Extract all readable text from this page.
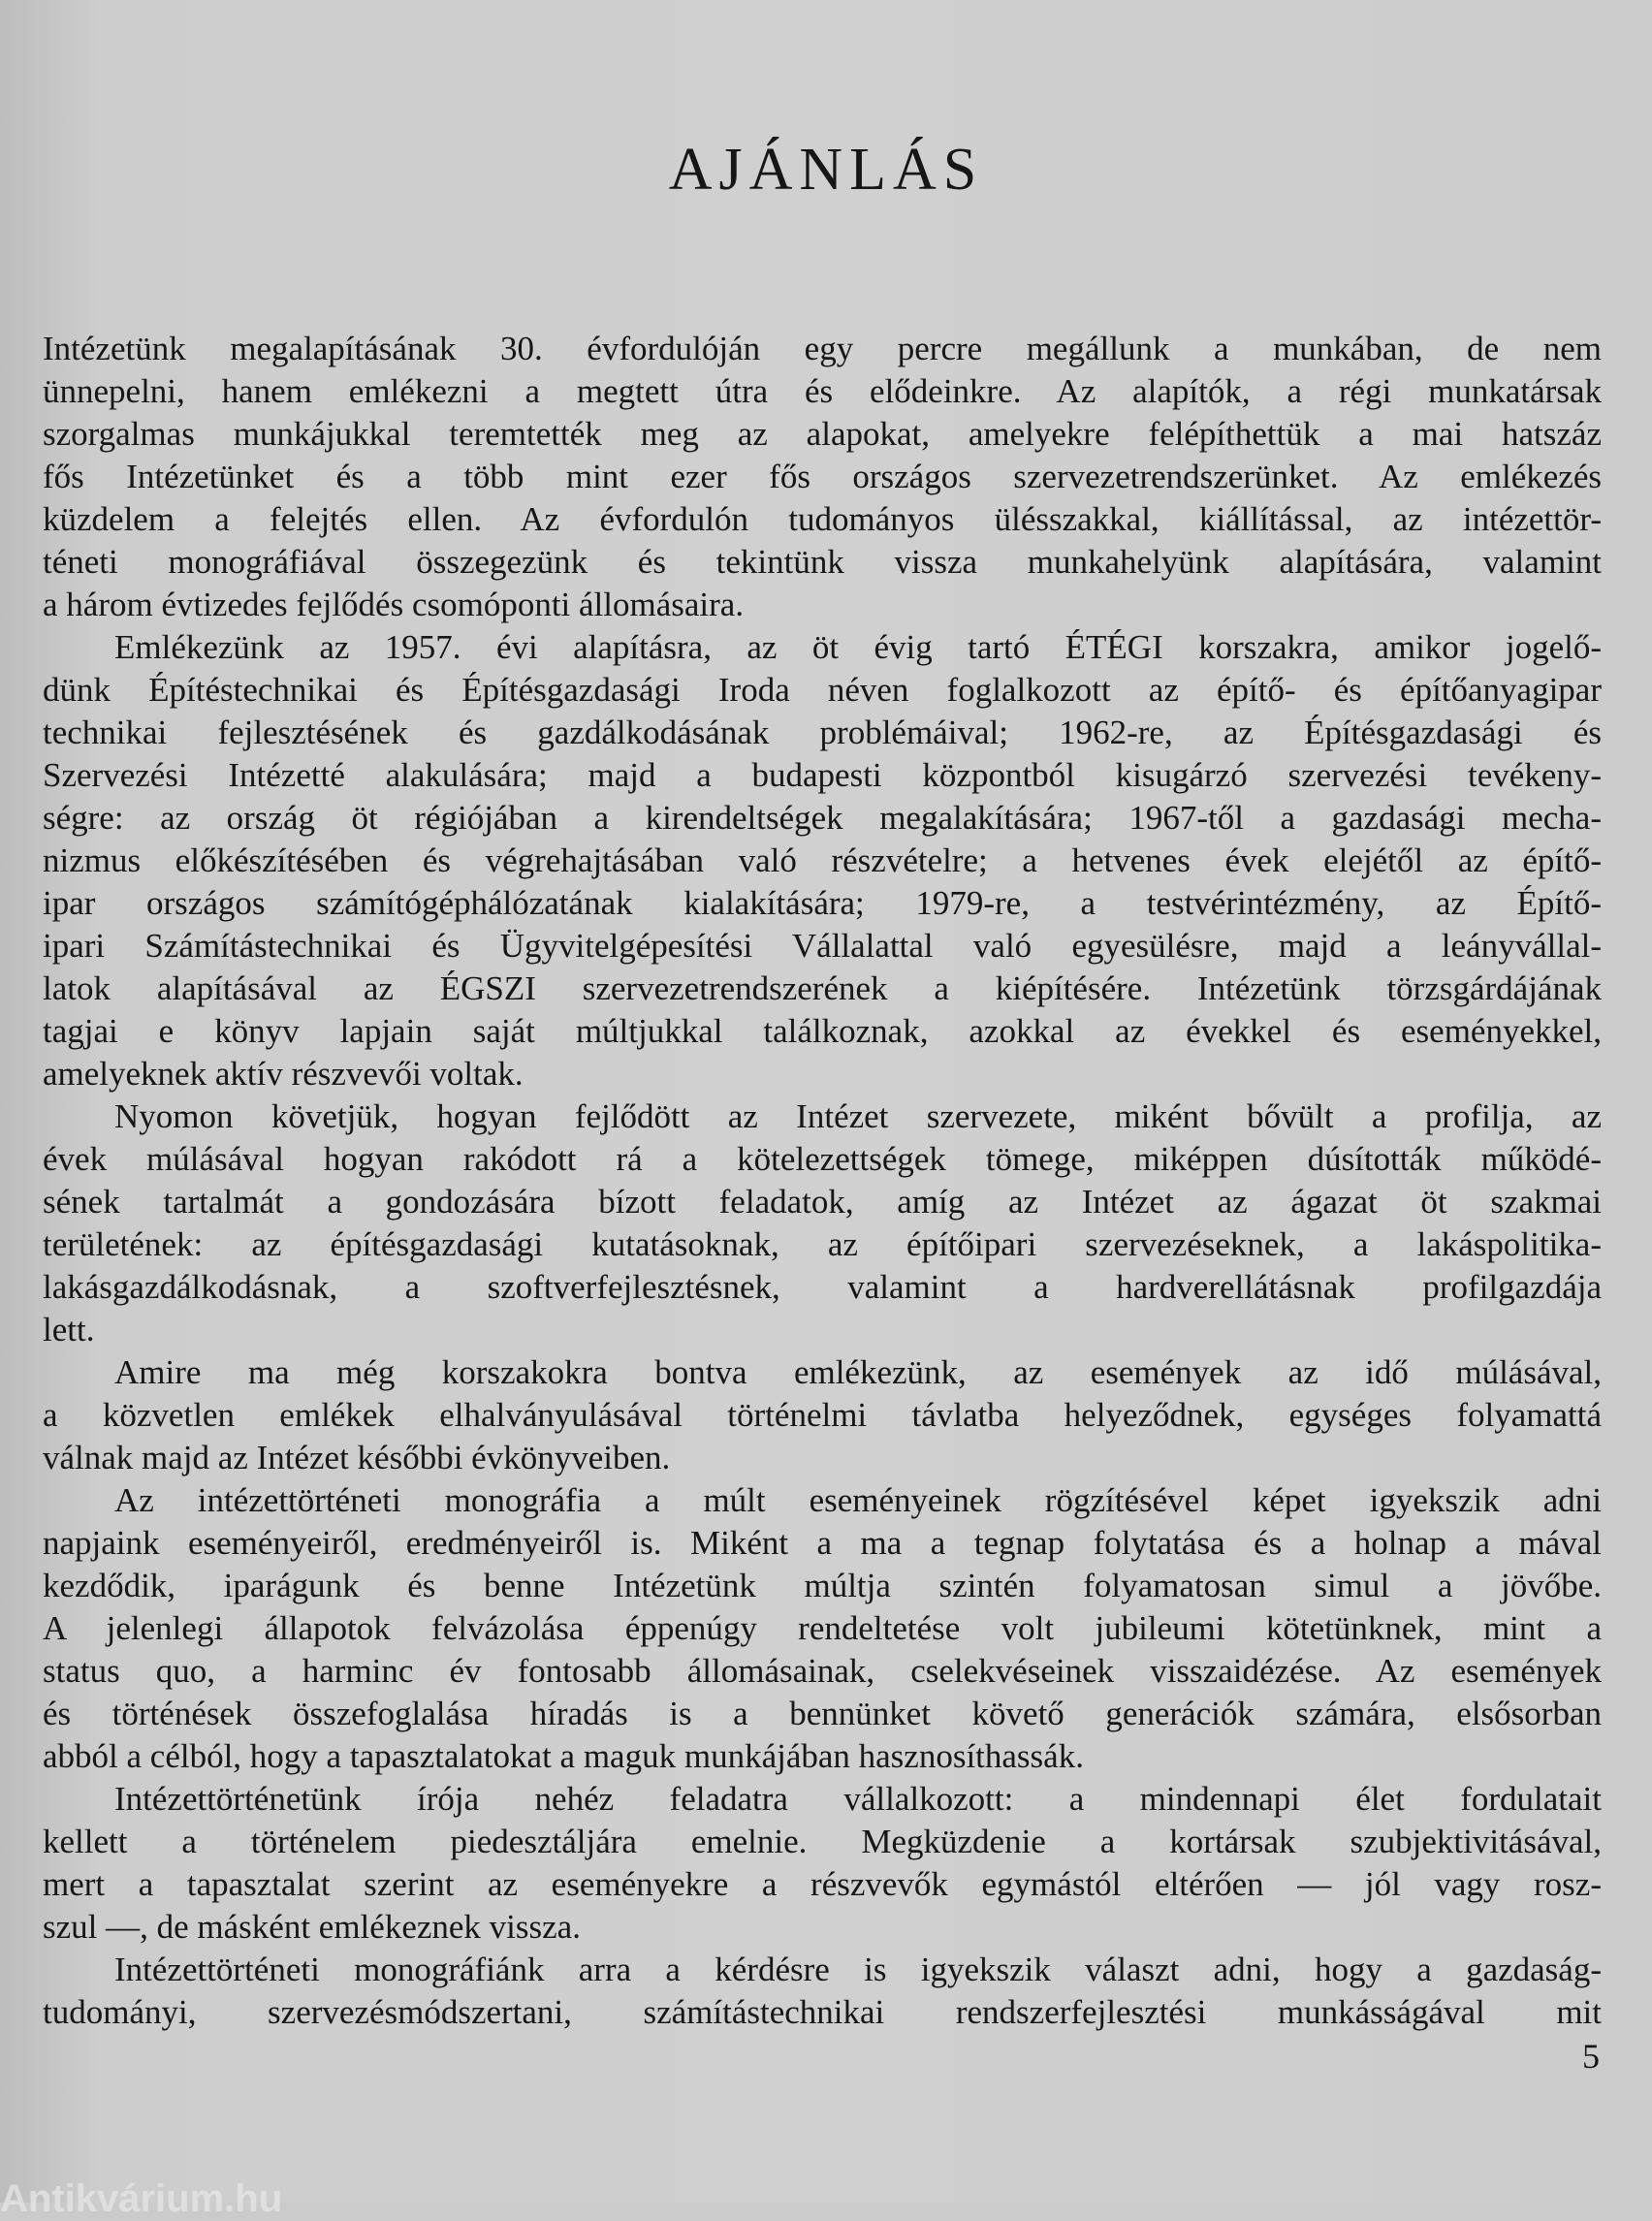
AJÁNLÁS
Intézetünk megalapításának 30. évfordulóján egy percre megállunk a munkában, de nem
ünnepelni, hanem emlékezni a megtett útra és elődeinkre. Az alapítók, a régi munkatársak
szorgalmas munkájukkal teremtették meg az alapokat, amelyekre felépíthettük a mai hatszáz
fős Intézetünket és a több mint ezer fős országos szervezetrendszerünket. Az emlékezés
küzdelem a felejtés ellen. Az évfordulón tudományos ülésszakkal, kiállítással, az intézettör-
téneti monográfiával összegezünk és tekintünk vissza munkahelyünk alapítására, valamint
a három évtizedes fejlődés csomóponti állomásaira.
Emlékezünk az 1957. évi alapításra, az öt évig tartó ÉTÉGI korszakra, amikor jogelő-
dünk Építéstechnikai és Építésgazdasági Iroda néven foglalkozott az építő- és építőanyagipar
technikai fejlesztésének és gazdálkodásának problémáival; 1962-re, az Építésgazdasági és
Szervezési Intézetté alakulására; majd a budapesti központból kisugárzó szervezési tevékeny-
ségre: az ország öt régiójában a kirendeltségek megalakítására; 1967-től a gazdasági mecha-
nizmus előkészítésében és végrehajtásában való részvételre; a hetvenes évek elejétől az építő-
ipar országos számítógéphálózatának kialakítására; 1979-re, a testvérintézmény, az Építő-
ipari Számítástechnikai és Ügyvitelgépesítési Vállalattal való egyesülésre, majd a leányvállal-
latok alapításával az ÉGSZI szervezetrendszerének a kiépítésére. Intézetünk törzsgárdájának
tagjai e könyv lapjain saját múltjukkal találkoznak, azokkal az évekkel és eseményekkel,
amelyeknek aktív részvevői voltak.
Nyomon követjük, hogyan fejlődött az Intézet szervezete, miként bővült a profilja, az
évek múlásával hogyan rakódott rá a kötelezettségek tömege, miképpen dúsították működé-
sének tartalmát a gondozására bízott feladatok, amíg az Intézet az ágazat öt szakmai
területének: az építésgazdasági kutatásoknak, az építőipari szervezéseknek, a lakáspolitika-
lakásgazdálkodásnak, a szoftverfejlesztésnek, valamint a hardverellátásnak profilgazdája
lett.
Amire ma még korszakokra bontva emlékezünk, az események az idő múlásával,
a közvetlen emlékek elhalványulásával történelmi távlatba helyeződnek, egységes folyamattá
válnak majd az Intézet későbbi évkönyveiben.
Az intézettörténeti monográfia a múlt eseményeinek rögzítésével képet igyekszik adni
napjaink eseményeiről, eredményeiről is. Miként a ma a tegnap folytatása és a holnap a mával
kezdődik, iparágunk és benne Intézetünk múltja szintén folyamatosan simul a jövőbe.
A jelenlegi állapotok felvázolása éppenúgy rendeltetése volt jubileumi kötetünknek, mint a
status quo, a harminc év fontosabb állomásainak, cselekvéseinek visszaidézése. Az események
és történések összefoglalása híradás is a bennünket követő generációk számára, elsősorban
abból a célból, hogy a tapasztalatokat a maguk munkájában hasznosíthassák.
Intézettörténetünk írója nehéz feladatra vállalkozott: a mindennapi élet fordulatait
kellett a történelem piedesztáljára emelnie. Megküzdenie a kortársak szubjektivitásával,
mert a tapasztalat szerint az eseményekre a részvevők egymástól eltérően — jól vagy rosz-
szul —, de másként emlékeznek vissza.
Intézettörténeti monográfiánk arra a kérdésre is igyekszik választ adni, hogy a gazdaság-
tudományi, szervezésmódszertani, számítástechnikai rendszerfejlesztési munkásságával mit
5
Antikvárium.hu
